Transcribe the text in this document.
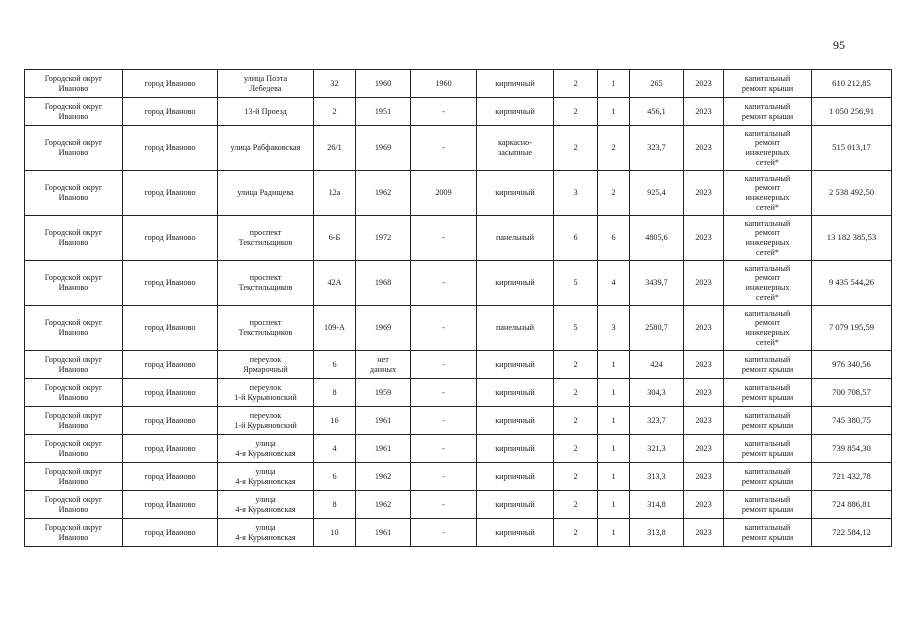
95
Городской округ
Иваново	город Иваново	улица Поэта
Лебедева	32	1960	1960	кирпичный	2	1	265	2023	капитальный
ремонт крыши	610 212,85
Городской округ
Иваново	город Иваново	13-й Проезд	2	1951	-	кирпичный	2	1	456,1	2023	капитальный
ремонт крыши	1 050 256,91
Городской округ
Иваново	город Иваново	улица Рабфаковская	26/1	1969	-	каркасно-
засыпные	2	2	323,7	2023	капитальный
ремонт
инженерных
сетей*	515 013,17
Городской округ
Иваново	город Иваново	улица Радищева	12а	1962	2009	кирпичный	3	2	925,4	2023	капитальный
ремонт
инженерных
сетей*	2 538 492,50
Городской округ
Иваново	город Иваново	проспект
Текстильщиков	6-Б	1972	-	панельный	6	6	4805,6	2023	капитальный
ремонт
инженерных
сетей*	13 182 385,53
Городской округ
Иваново	город Иваново	проспект
Текстильщиков	42А	1968	-	кирпичный	5	4	3439,7	2023	капитальный
ремонт
инженерных
сетей*	9 435 544,26
Городской округ
Иваново	город Иваново	проспект
Текстильщиков	109-А	1969	-	панельный	5	3	2580,7	2023	капитальный
ремонт
инженерных
сетей*	7 079 195,59
Городской округ
Иваново	город Иваново	переулок
Ярмарочный	6	нет
данных	-	кирпичный	2	1	424	2023	капитальный
ремонт крыши	976 340,56
Городской округ
Иваново	город Иваново	переулок
1-й Курьяновский	8	1959	-	кирпичный	2	1	304,3	2023	капитальный
ремонт крыши	700 708,57
Городской округ
Иваново	город Иваново	переулок
1-й Курьяновский	16	1961	-	кирпичный	2	1	323,7	2023	капитальный
ремонт крыши	745 380,75
Городской округ
Иваново	город Иваново	улица
4-я Курьяновская	4	1961	-	кирпичный	2	1	321,3	2023	капитальный
ремонт крыши	739 854,30
Городской округ
Иваново	город Иваново	улица
4-я Курьяновская	6	1962	-	кирпичный	2	1	313,3	2023	капитальный
ремонт крыши	721 432,78
Городской округ
Иваново	город Иваново	улица
4-я Курьяновская	8	1962	-	кирпичный	2	1	314,8	2023	капитальный
ремонт крыши	724 886,81
Городской округ
Иваново	город Иваново	улица
4-я Курьяновская	10	1961	-	кирпичный	2	1	313,8	2023	капитальный
ремонт крыши	722 584,12
